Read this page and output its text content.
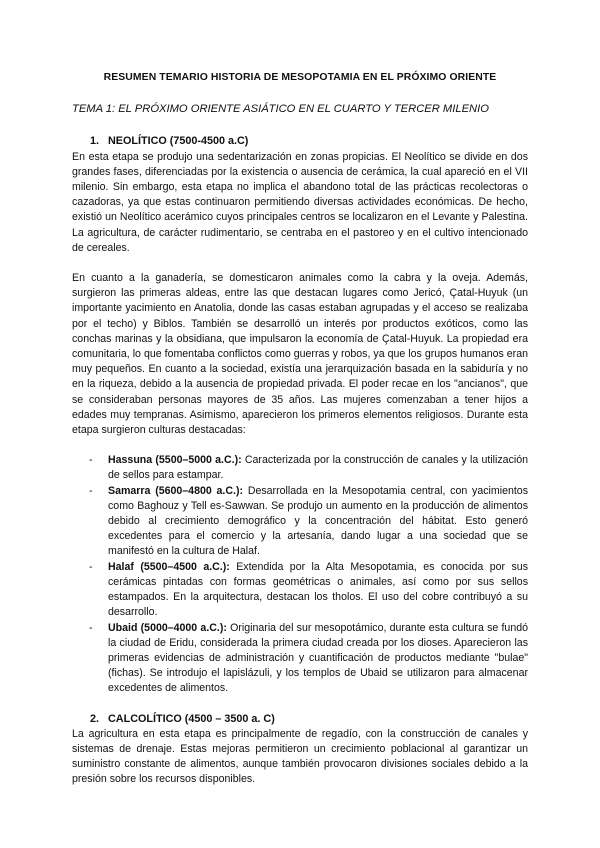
RESUMEN TEMARIO HISTORIA DE MESOPOTAMIA EN EL PRÓXIMO ORIENTE
TEMA 1: EL PRÓXIMO ORIENTE ASIÁTICO EN EL CUARTO Y TERCER MILENIO
1. NEOLÍTICO (7500-4500 a.C)

En esta etapa se produjo una sedentarización en zonas propicias. El Neolítico se divide en dos grandes fases, diferenciadas por la existencia o ausencia de cerámica, la cual apareció en el VII milenio. Sin embargo, esta etapa no implica el abandono total de las prácticas recolectoras o cazadoras, ya que estas continuaron permitiendo diversas actividades económicas. De hecho, existió un Neolítico acerámico cuyos principales centros se localizaron en el Levante y Palestina. La agricultura, de carácter rudimentario, se centraba en el pastoreo y en el cultivo intencionado de cereales.

En cuanto a la ganadería, se domesticaron animales como la cabra y la oveja. Además, surgieron las primeras aldeas, entre las que destacan lugares como Jericó, Çatal-Huyuk (un importante yacimiento en Anatolia, donde las casas estaban agrupadas y el acceso se realizaba por el techo) y Biblos. También se desarrolló un interés por productos exóticos, como las conchas marinas y la obsidiana, que impulsaron la economía de Çatal-Huyuk. La propiedad era comunitaria, lo que fomentaba conflictos como guerras y robos, ya que los grupos humanos eran muy pequeños. En cuanto a la sociedad, existía una jerarquización basada en la sabiduría y no en la riqueza, debido a la ausencia de propiedad privada. El poder recae en los "ancianos", que se consideraban personas mayores de 35 años. Las mujeres comenzaban a tener hijos a edades muy tempranas. Asimismo, aparecieron los primeros elementos religiosos. Durante esta etapa surgieron culturas destacadas:

- Hassuna (5500–5000 a.C.): Caracterizada por la construcción de canales y la utilización de sellos para estampar.
- Samarra (5600–4800 a.C.): Desarrollada en la Mesopotamia central, con yacimientos como Baghouz y Tell es-Sawwan. Se produjo un aumento en la producción de alimentos debido al crecimiento demográfico y la concentración del hábitat. Esto generó excedentes para el comercio y la artesanía, dando lugar a una sociedad que se manifestó en la cultura de Halaf.
- Halaf (5500–4500 a.C.): Extendida por la Alta Mesopotamia, es conocida por sus cerámicas pintadas con formas geométricas o animales, así como por sus sellos estampados. En la arquitectura, destacan los tholos. El uso del cobre contribuyó a su desarrollo.
- Ubaid (5000–4000 a.C.): Originaria del sur mesopotámico, durante esta cultura se fundó la ciudad de Eridu, considerada la primera ciudad creada por los dioses. Aparecieron las primeras evidencias de administración y cuantificación de productos mediante "bulae" (fichas). Se introdujo el lapislázuli, y los templos de Ubaid se utilizaron para almacenar excedentes de alimentos.
2. CALCOLÍTICO (4500 – 3500 a. C)

La agricultura en esta etapa es principalmente de regadío, con la construcción de canales y sistemas de drenaje. Estas mejoras permitieron un crecimiento poblacional al garantizar un suministro constante de alimentos, aunque también provocaron divisiones sociales debido a la presión sobre los recursos disponibles.
